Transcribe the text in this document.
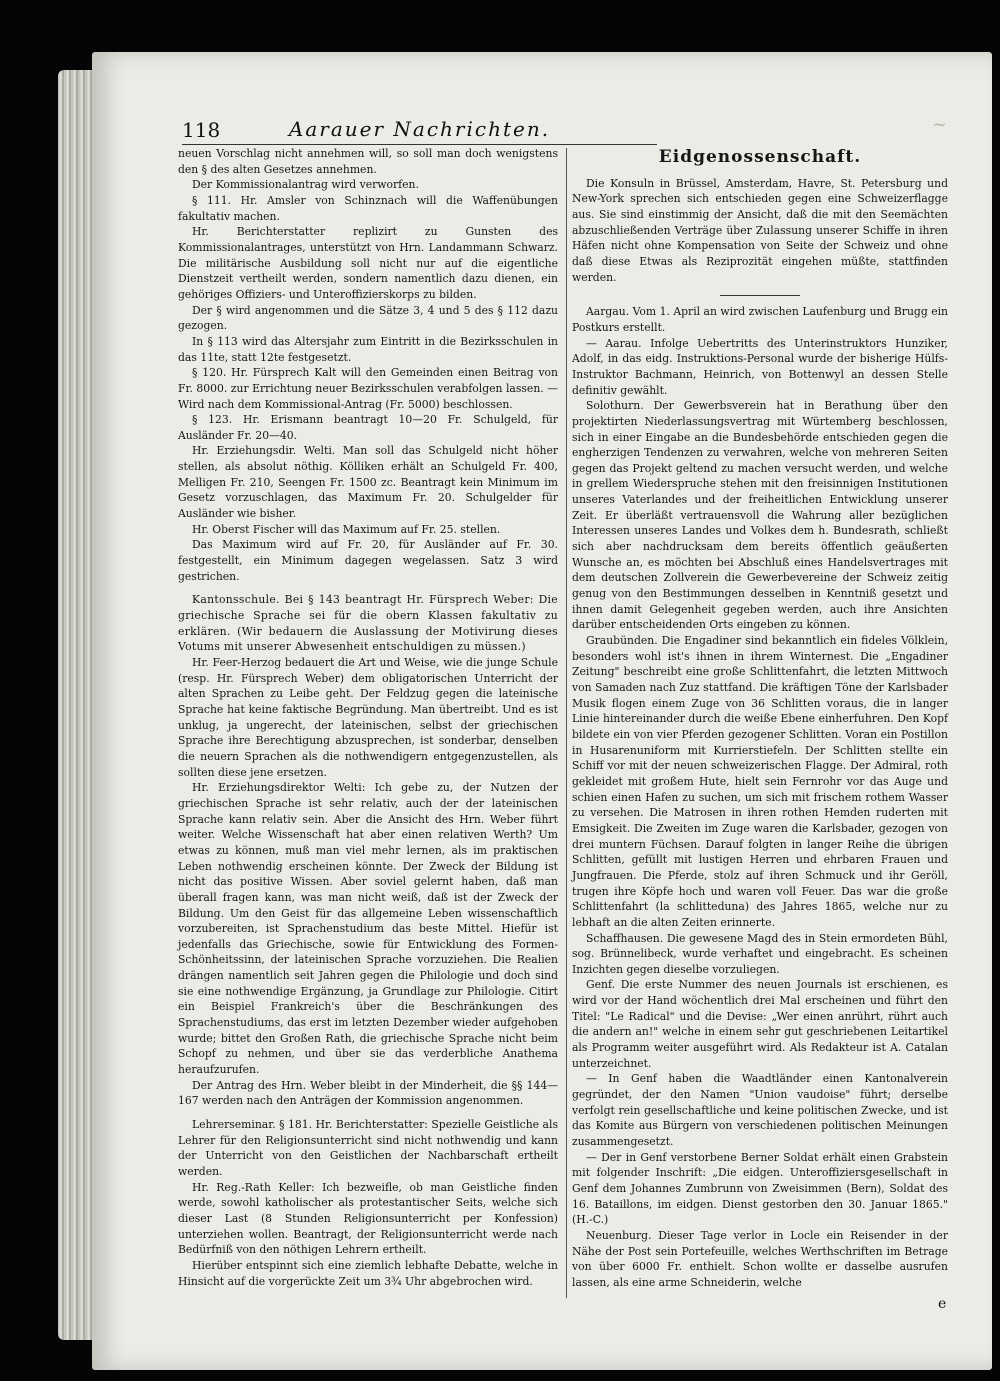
~
118	Aarauer Nachrichten.

neuen Vorschlag nicht annehmen will, so soll man doch wenigstens den § des alten Gesetzes annehmen.

Der Kommissionalantrag wird verworfen.

§ 111. Hr. Amsler von Schinznach will die Waffenübungen fakultativ machen.

Hr. Berichterstatter replizirt zu Gunsten des Kommissionalantrages, unterstützt von Hrn. Landammann Schwarz. Die militärische Ausbildung soll nicht nur auf die eigentliche Dienstzeit vertheilt werden, sondern namentlich dazu dienen, ein gehöriges Offiziers- und Unteroffizierskorps zu bilden.

Der § wird angenommen und die Sätze 3, 4 und 5 des § 112 dazu gezogen.

In § 113 wird das Altersjahr zum Eintritt in die Bezirksschulen in das 11te, statt 12te festgesetzt.

§ 120. Hr. Fürsprech Kalt will den Gemeinden einen Beitrag von Fr. 8000. zur Errichtung neuer Bezirksschulen verabfolgen lassen. — Wird nach dem Kommissional-Antrag (Fr. 5000) beschlossen.

§ 123. Hr. Erismann beantragt 10—20 Fr. Schulgeld, für Ausländer Fr. 20—40.

Hr. Erziehungsdir. Welti. Man soll das Schulgeld nicht höher stellen, als absolut nöthig. Kölliken erhält an Schulgeld Fr. 400, Melligen Fr. 210, Seengen Fr. 1500 zc. Beantragt kein Minimum im Gesetz vorzuschlagen, das Maximum Fr. 20. Schulgelder für Ausländer wie bisher.

Hr. Oberst Fischer will das Maximum auf Fr. 25. stellen.

Das Maximum wird auf Fr. 20, für Ausländer auf Fr. 30. festgestellt, ein Minimum dagegen wegelassen. Satz 3 wird gestrichen.

Kantonsschule. Bei § 143 beantragt Hr. Fürsprech Weber: Die griechische Sprache sei für die obern Klassen fakultativ zu erklären. (Wir bedauern die Auslassung der Motivirung dieses Votums mit unserer Abwesenheit entschuldigen zu müssen.)

Hr. Feer-Herzog bedauert die Art und Weise, wie die junge Schule (resp. Hr. Fürsprech Weber) dem obligatorischen Unterricht der alten Sprachen zu Leibe geht. Der Feldzug gegen die lateinische Sprache hat keine faktische Begründung. Man übertreibt. Und es ist unklug, ja ungerecht, der lateinischen, selbst der griechischen Sprache ihre Berechtigung abzusprechen, ist sonderbar, denselben die neuern Sprachen als die nothwendigern entgegenzustellen, als sollten diese jene ersetzen.

Hr. Erziehungsdirektor Welti: Ich gebe zu, der Nutzen der griechischen Sprache ist sehr relativ, auch der der lateinischen Sprache kann relativ sein. Aber die Ansicht des Hrn. Weber führt weiter. Welche Wissenschaft hat aber einen relativen Werth? Um etwas zu können, muß man viel mehr lernen, als im praktischen Leben nothwendig erscheinen könnte. Der Zweck der Bildung ist nicht das positive Wissen. Aber soviel gelernt haben, daß man überall fragen kann, was man nicht weiß, daß ist der Zweck der Bildung. Um den Geist für das allgemeine Leben wissenschaftlich vorzubereiten, ist Sprachenstudium das beste Mittel. Hiefür ist jedenfalls das Griechische, sowie für Entwicklung des Formen-Schönheitssinn, der lateinischen Sprache vorzuziehen. Die Realien drängen namentlich seit Jahren gegen die Philologie und doch sind sie eine nothwendige Ergänzung, ja Grundlage zur Philologie. Citirt ein Beispiel Frankreich's über die Beschränkungen des Sprachenstudiums, das erst im letzten Dezember wieder aufgehoben wurde; bittet den Großen Rath, die griechische Sprache nicht beim Schopf zu nehmen, und über sie das verderbliche Anathema heraufzurufen.

Der Antrag des Hrn. Weber bleibt in der Minderheit, die §§ 144—167 werden nach den Anträgen der Kommission angenommen.

Lehrerseminar. § 181. Hr. Berichterstatter: Spezielle Geistliche als Lehrer für den Religionsunterricht sind nicht nothwendig und kann der Unterricht von den Geistlichen der Nachbarschaft ertheilt werden.

Hr. Reg.-Rath Keller: Ich bezweifle, ob man Geistliche finden werde, sowohl katholischer als protestantischer Seits, welche sich dieser Last (8 Stunden Religionsunterricht per Konfession) unterziehen wollen. Beantragt, der Religionsunterricht werde nach Bedürfniß von den nöthigen Lehrern ertheilt.

Hierüber entspinnt sich eine ziemlich lebhafte Debatte, welche in Hinsicht auf die vorgerückte Zeit um 3¾ Uhr abgebrochen wird.

Eidgenossenschaft.

Die Konsuln in Brüssel, Amsterdam, Havre, St. Petersburg und New-York sprechen sich entschieden gegen eine Schweizerflagge aus. Sie sind einstimmig der Ansicht, daß die mit den Seemächten abzuschließenden Verträge über Zulassung unserer Schiffe in ihren Häfen nicht ohne Kompensation von Seite der Schweiz und ohne daß diese Etwas als Reziprozität eingehen müßte, stattfinden werden.

Aargau. Vom 1. April an wird zwischen Laufenburg und Brugg ein Postkurs erstellt.

— Aarau. Infolge Uebertritts des Unterinstruktors Hunziker, Adolf, in das eidg. Instruktions-Personal wurde der bisherige Hülfs-Instruktor Bachmann, Heinrich, von Bottenwyl an dessen Stelle definitiv gewählt.

Solothurn. Der Gewerbsverein hat in Berathung über den projektirten Niederlassungsvertrag mit Würtemberg beschlossen, sich in einer Eingabe an die Bundesbehörde entschieden gegen die engherzigen Tendenzen zu verwahren, welche von mehreren Seiten gegen das Projekt geltend zu machen versucht werden, und welche in grellem Wiederspruche stehen mit den freisinnigen Institutionen unseres Vaterlandes und der freiheitlichen Entwicklung unserer Zeit. Er überläßt vertrauensvoll die Wahrung aller bezüglichen Interessen unseres Landes und Volkes dem h. Bundesrath, schließt sich aber nachdrucksam dem bereits öffentlich geäußerten Wunsche an, es möchten bei Abschluß eines Handelsvertrages mit dem deutschen Zollverein die Gewerbevereine der Schweiz zeitig genug von den Bestimmungen desselben in Kenntniß gesetzt und ihnen damit Gelegenheit gegeben werden, auch ihre Ansichten darüber entscheidenden Orts eingeben zu können.

Graubünden. Die Engadiner sind bekanntlich ein fideles Völklein, besonders wohl ist's ihnen in ihrem Winternest. Die „Engadiner Zeitung" beschreibt eine große Schlittenfahrt, die letzten Mittwoch von Samaden nach Zuz stattfand. Die kräftigen Töne der Karlsbader Musik flogen einem Zuge von 36 Schlitten voraus, die in langer Linie hintereinander durch die weiße Ebene einherfuhren. Den Kopf bildete ein von vier Pferden gezogener Schlitten. Voran ein Postillon in Husarenuniform mit Kurrierstiefeln. Der Schlitten stellte ein Schiff vor mit der neuen schweizerischen Flagge. Der Admiral, roth gekleidet mit großem Hute, hielt sein Fernrohr vor das Auge und schien einen Hafen zu suchen, um sich mit frischem rothem Wasser zu versehen. Die Matrosen in ihren rothen Hemden ruderten mit Emsigkeit. Die Zweiten im Zuge waren die Karlsbader, gezogen von drei muntern Füchsen. Darauf folgten in langer Reihe die übrigen Schlitten, gefüllt mit lustigen Herren und ehrbaren Frauen und Jungfrauen. Die Pferde, stolz auf ihren Schmuck und ihr Geröll, trugen ihre Köpfe hoch und waren voll Feuer. Das war die große Schlittenfahrt (la schlitteduna) des Jahres 1865, welche nur zu lebhaft an die alten Zeiten erinnerte.

Schaffhausen. Die gewesene Magd des in Stein ermordeten Bühl, sog. Brünnelibeck, wurde verhaftet und eingebracht. Es scheinen Inzichten gegen dieselbe vorzuliegen.

Genf. Die erste Nummer des neuen Journals ist erschienen, es wird vor der Hand wöchentlich drei Mal erscheinen und führt den Titel: "Le Radical" und die Devise: „Wer einen anrührt, rührt auch die andern an!" welche in einem sehr gut geschriebenen Leitartikel als Programm weiter ausgeführt wird. Als Redakteur ist A. Catalan unterzeichnet.

— In Genf haben die Waadtländer einen Kantonalverein gegründet, der den Namen "Union vaudoise" führt; derselbe verfolgt rein gesellschaftliche und keine politischen Zwecke, und ist das Komite aus Bürgern von verschiedenen politischen Meinungen zusammengesetzt.

— Der in Genf verstorbene Berner Soldat erhält einen Grabstein mit folgender Inschrift: „Die eidgen. Unteroffiziersgesellschaft in Genf dem Johannes Zumbrunn von Zweisimmen (Bern), Soldat des 16. Bataillons, im eidgen. Dienst gestorben den 30. Januar 1865." (H.-C.)

Neuenburg. Dieser Tage verlor in Locle ein Reisender in der Nähe der Post sein Portefeuille, welches Werthschriften im Betrage von über 6000 Fr. enthielt. Schon wollte er dasselbe ausrufen lassen, als eine arme Schneiderin, welche

e
